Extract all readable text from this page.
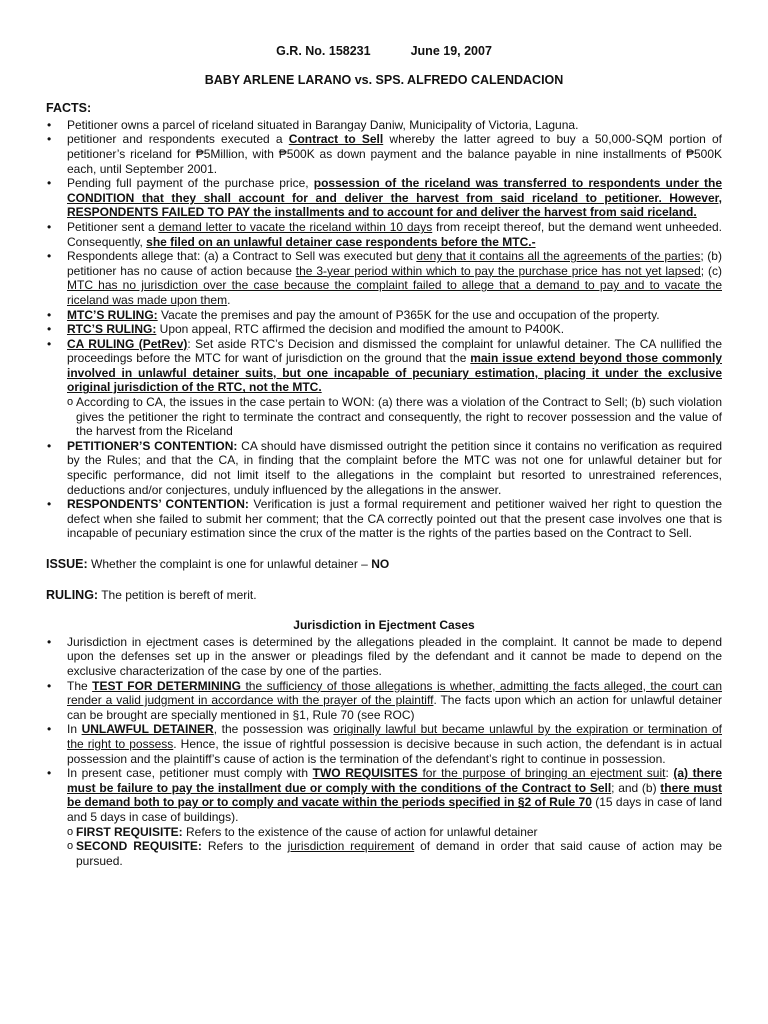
G.R. No. 158231	June 19, 2007
BABY ARLENE LARANO vs. SPS. ALFREDO CALENDACION
FACTS:
• Petitioner owns a parcel of riceland situated in Barangay Daniw, Municipality of Victoria, Laguna.
• petitioner and respondents executed a Contract to Sell whereby the latter agreed to buy a 50,000-SQM portion of petitioner’s riceland for ₱5Million, with ₱500K as down payment and the balance payable in nine installments of ₱500K each, until September 2001.
• Pending full payment of the purchase price, possession of the riceland was transferred to respondents under the CONDITION that they shall account for and deliver the harvest from said riceland to petitioner. However, RESPONDENTS FAILED TO PAY the installments and to account for and deliver the harvest from said riceland.
• Petitioner sent a demand letter to vacate the riceland within 10 days from receipt thereof, but the demand went unheeded. Consequently, she filed on an unlawful detainer case respondents before the MTC.-
• Respondents allege that: (a) a Contract to Sell was executed but deny that it contains all the agreements of the parties; (b) petitioner has no cause of action because the 3-year period within which to pay the purchase price has not yet lapsed; (c) MTC has no jurisdiction over the case because the complaint failed to allege that a demand to pay and to vacate the riceland was made upon them.
• MTC’S RULING: Vacate the premises and pay the amount of P365K for the use and occupation of the property.
• RTC’S RULING: Upon appeal, RTC affirmed the decision and modified the amount to P400K.
• CA RULING (PetRev): Set aside RTC’s Decision and dismissed the complaint for unlawful detainer. The CA nullified the proceedings before the MTC for want of jurisdiction on the ground that the main issue extend beyond those commonly involved in unlawful detainer suits, but one incapable of pecuniary estimation, placing it under the exclusive original jurisdiction of the RTC, not the MTC.
o According to CA, the issues in the case pertain to WON: (a) there was a violation of the Contract to Sell; (b) such violation gives the petitioner the right to terminate the contract and consequently, the right to recover possession and the value of the harvest from the Riceland
• PETITIONER’S CONTENTION: CA should have dismissed outright the petition since it contains no verification as required by the Rules; and that the CA, in finding that the complaint before the MTC was not one for unlawful detainer but for specific performance, did not limit itself to the allegations in the complaint but resorted to unrestrained references, deductions and/or conjectures, unduly influenced by the allegations in the answer.
• RESPONDENTS’ CONTENTION: Verification is just a formal requirement and petitioner waived her right to question the defect when she failed to submit her comment; that the CA correctly pointed out that the present case involves one that is incapable of pecuniary estimation since the crux of the matter is the rights of the parties based on the Contract to Sell.

ISSUE: Whether the complaint is one for unlawful detainer – NO

RULING: The petition is bereft of merit.

Jurisdiction in Ejectment Cases
• Jurisdiction in ejectment cases is determined by the allegations pleaded in the complaint. It cannot be made to depend upon the defenses set up in the answer or pleadings filed by the defendant and it cannot be made to depend on the exclusive characterization of the case by one of the parties.
• The TEST FOR DETERMINING the sufficiency of those allegations is whether, admitting the facts alleged, the court can render a valid judgment in accordance with the prayer of the plaintiff. The facts upon which an action for unlawful detainer can be brought are specially mentioned in §1, Rule 70 (see ROC)
• In UNLAWFUL DETAINER, the possession was originally lawful but became unlawful by the expiration or termination of the right to possess. Hence, the issue of rightful possession is decisive because in such action, the defendant is in actual possession and the plaintiff’s cause of action is the termination of the defendant’s right to continue in possession.
• In present case, petitioner must comply with TWO REQUISITES for the purpose of bringing an ejectment suit: (a) there must be failure to pay the installment due or comply with the conditions of the Contract to Sell; and (b) there must be demand both to pay or to comply and vacate within the periods specified in §2 of Rule 70 (15 days in case of land and 5 days in case of buildings).
o FIRST REQUISITE: Refers to the existence of the cause of action for unlawful detainer
o SECOND REQUISITE: Refers to the jurisdiction requirement of demand in order that said cause of action may be pursued.
